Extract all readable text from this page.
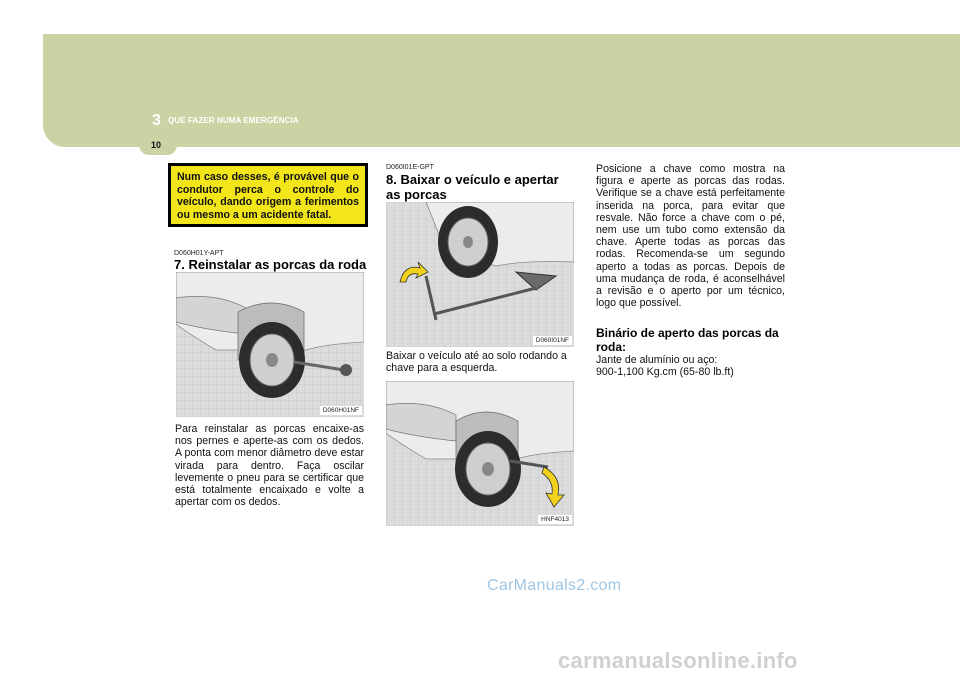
3 QUE FAZER NUMA EMERGÊNCIA
10
Num caso desses, é provável que o condutor perca o controle do veículo, dando origem a ferimentos ou mesmo a um acidente fatal.
D060H01Y-APT
7. Reinstalar as porcas da roda
D060H01NF
Para reinstalar as porcas encaixe-as nos pernes e aperte-as com os dedos. A ponta com menor diâmetro deve estar virada para dentro. Faça oscilar levemente o pneu para se certificar que está totalmente encaixado e volte a apertar com os dedos.
D060I01E-GPT
8. Baixar o veículo e apertar as porcas
D060I01NF
Baixar o veículo até ao solo rodando a chave para a esquerda.
HNF4013
Posicione a chave como mostra na figura e aperte as porcas das rodas. Verifique se a chave está perfeitamente inserida na porca, para evitar que resvale. Não force a chave com o pé, nem use um tubo como extensão da chave. Aperte todas as porcas das rodas. Recomenda-se um segundo aperto a todas as porcas. Depois de uma mudança de roda, é aconselhável a revisão e o aperto por um técnico, logo que possível.
Binário de aperto das porcas da roda:
Jante de alumínio ou aço:
900-1,100 Kg.cm (65-80 lb.ft)
CarManuals2.com
carmanualsonline.info
